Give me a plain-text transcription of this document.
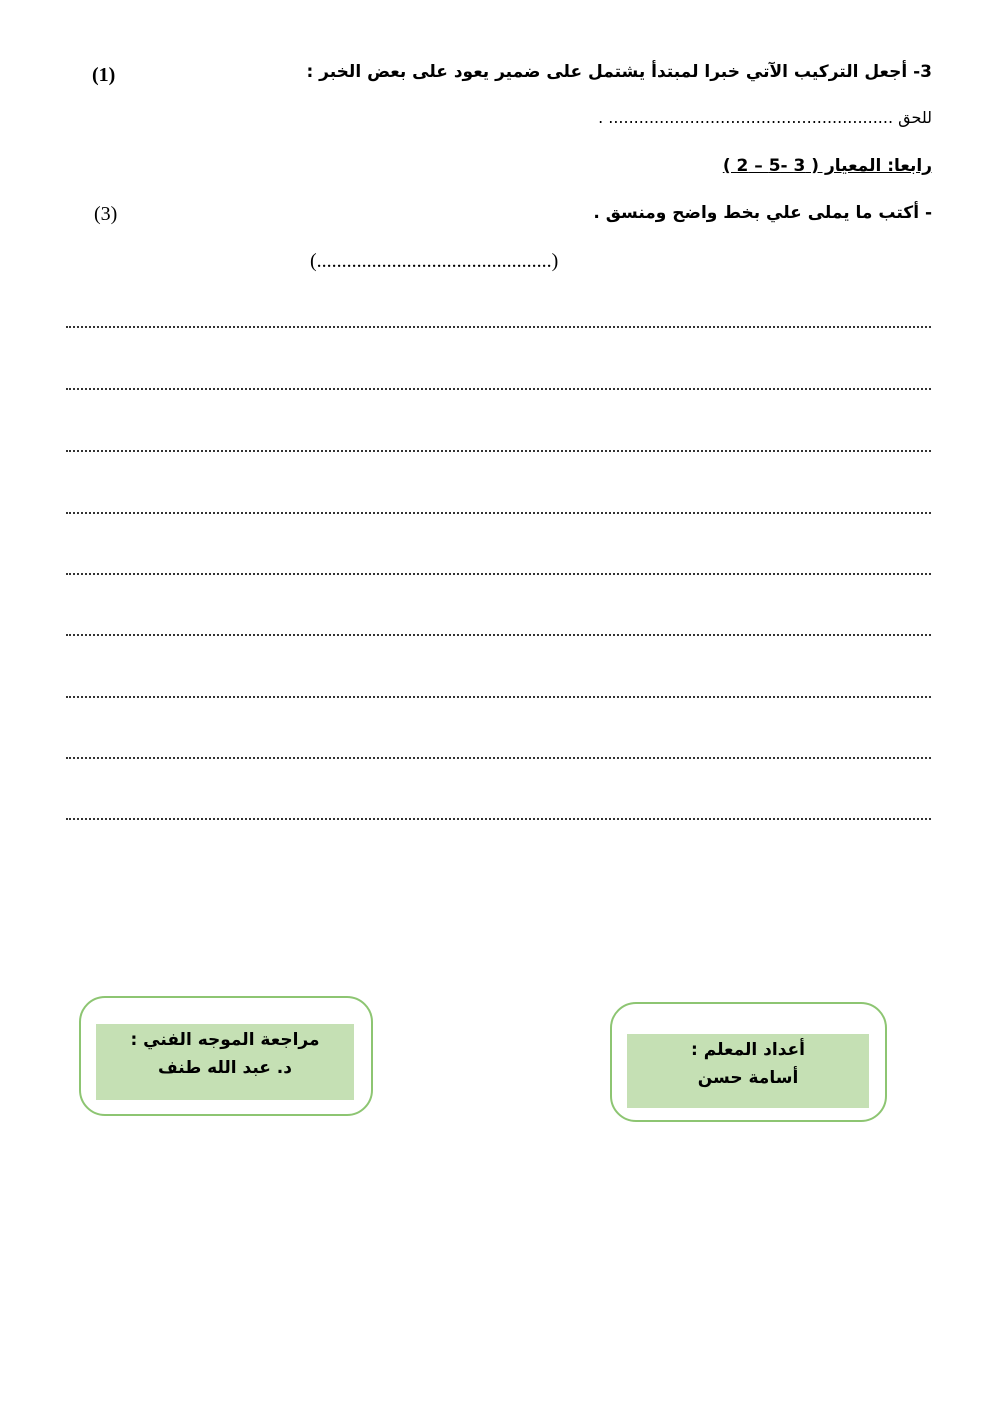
3- أجعل التركيب الآتي خبرا لمبتدأ يشتمل على ضمير يعود على بعض الخبر :
(1)
للحق ........................................................ .
رابعا: المعيار ( 3 -5 – 2 )
- أكتب ما يملى علي بخط واضح ومنسق .
(3)
(...............................................)
مراجعة الموجه الفني :
د. عبد الله طنف
أعداد المعلم :
أسامة حسن
